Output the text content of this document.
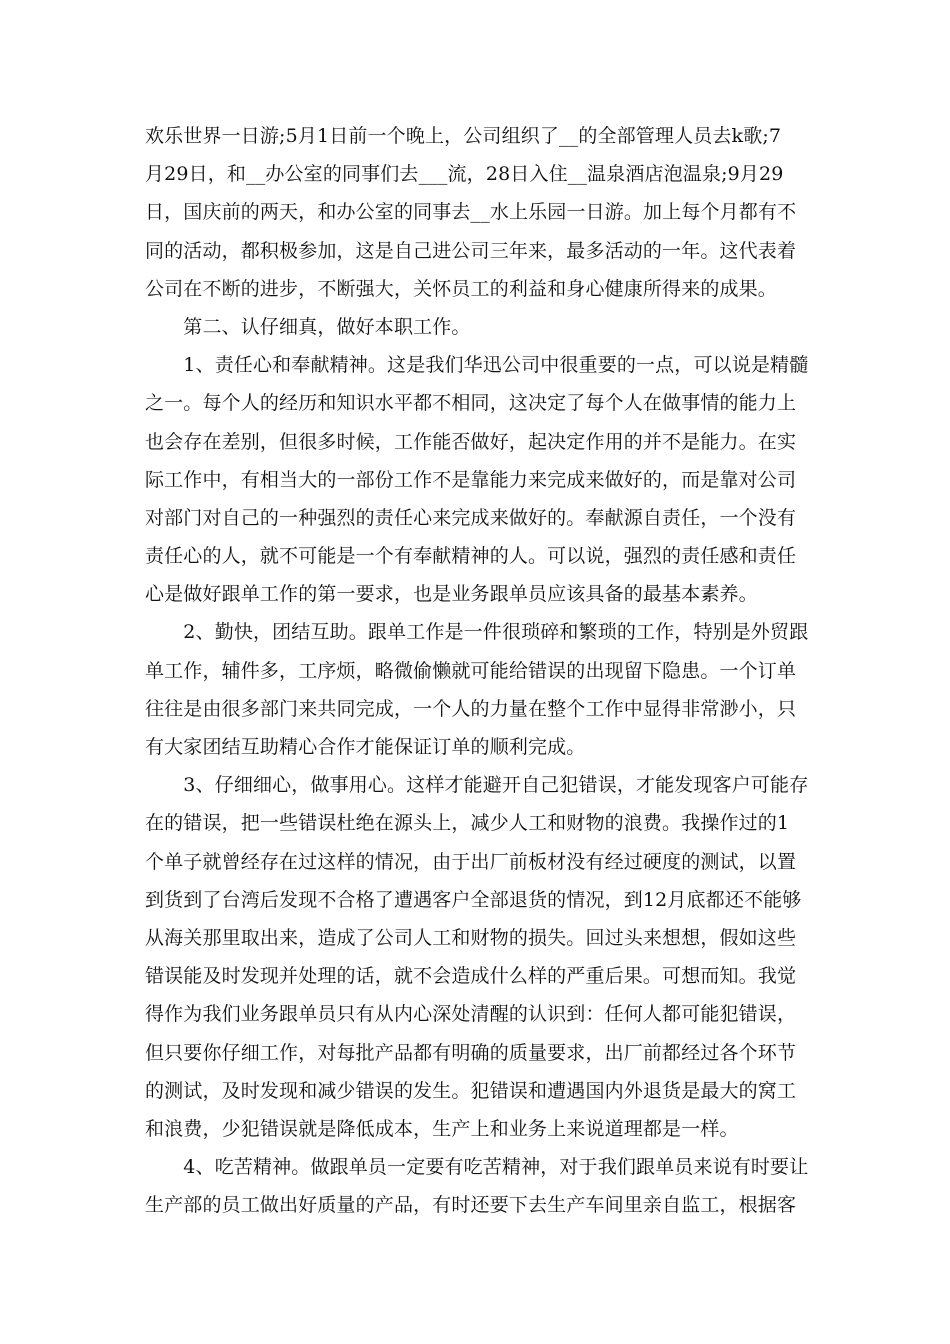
欢乐世界一日游;5月1日前一个晚上，公司组织了__的全部管理人员去k歌;7
月29日，和__办公室的同事们去___流，28日入住__温泉酒店泡温泉;9月29
日，国庆前的两天，和办公室的同事去__水上乐园一日游。加上每个月都有不
同的活动，都积极参加，这是自己进公司三年来，最多活动的一年。这代表着
公司在不断的进步，不断强大，关怀员工的利益和身心健康所得来的成果。
　　第二、认仔细真，做好本职工作。
　　1、责任心和奉献精神。这是我们华迅公司中很重要的一点，可以说是精髓
之一。每个人的经历和知识水平都不相同，这决定了每个人在做事情的能力上
也会存在差别，但很多时候，工作能否做好，起决定作用的并不是能力。在实
际工作中，有相当大的一部份工作不是靠能力来完成来做好的，而是靠对公司
对部门对自己的一种强烈的责任心来完成来做好的。奉献源自责任，一个没有
责任心的人，就不可能是一个有奉献精神的人。可以说，强烈的责任感和责任
心是做好跟单工作的第一要求，也是业务跟单员应该具备的最基本素养。
　　2、勤快，团结互助。跟单工作是一件很琐碎和繁琐的工作，特别是外贸跟
单工作，辅件多，工序烦，略微偷懒就可能给错误的出现留下隐患。一个订单
往往是由很多部门来共同完成，一个人的力量在整个工作中显得非常渺小，只
有大家团结互助精心合作才能保证订单的顺利完成。
　　3、仔细细心，做事用心。这样才能避开自己犯错误，才能发现客户可能存
在的错误，把一些错误杜绝在源头上，减少人工和财物的浪费。我操作过的1
个单子就曾经存在过这样的情况，由于出厂前板材没有经过硬度的测试，以置
到货到了台湾后发现不合格了遭遇客户全部退货的情况，到12月底都还不能够
从海关那里取出来，造成了公司人工和财物的损失。回过头来想想，假如这些
错误能及时发现并处理的话，就不会造成什么样的严重后果。可想而知。我觉
得作为我们业务跟单员只有从内心深处清醒的认识到：任何人都可能犯错误，
但只要你仔细工作，对每批产品都有明确的质量要求，出厂前都经过各个环节
的测试，及时发现和减少错误的发生。犯错误和遭遇国内外退货是最大的窝工
和浪费，少犯错误就是降低成本，生产上和业务上来说道理都是一样。
　　4、吃苦精神。做跟单员一定要有吃苦精神，对于我们跟单员来说有时要让
生产部的员工做出好质量的产品，有时还要下去生产车间里亲自监工，根据客
